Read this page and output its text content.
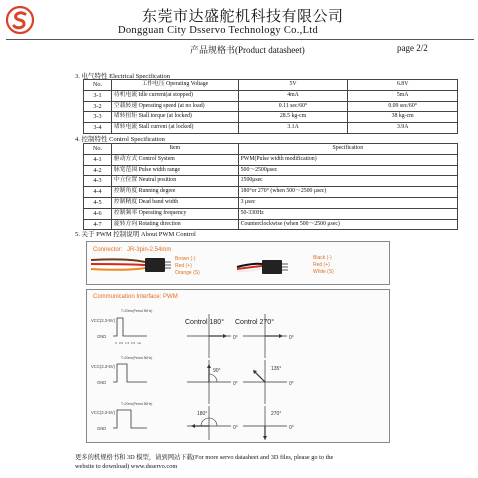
东莞市达盛舵机科技有限公司
Dongguan City Dsservo Technology Co.,Ltd
产品规格书(Product datasheet)	page 2/2
3. 电气特性 Electrical Specification
No.	工作电压 Operating Voltage	5V	6.8V
3-1	待机电流 Idle current(at stopped)	4mA	5mA
3-2	空载转速 Operating speed (at no load)	0.11 sec/60°	0.09 sec/60°
3-3	堵转扭矩 Stall torque (at locked)	28.5 kg-cm	38 kg-cm
3-4	堵转电流 Stall current (at locked)	3.1A	3.9A
4. 控制特性 Control Specification
No.	Item	Specification
4-1	驱动方式 Control System	PWM(Pulse width modification)
4-2	脉宽范围 Pulse width range	500～2500μsec
4-3	中立位置 Neutral position	1500μsec
4-4	控制角度 Running degree	180°or 270° (when 500～2500 μsec)
4-5	控制精度 Dead band width	3 μsec
4-6	控制频率 Operating frequency	50-330Hz
4-7	旋转方向 Rotating direction	Counterclockwise (when 500～2500 μsec)
5. 关于 PWM 控制说明 About PWM Control
Connector: JR-3pin-2.54mm
Brown (-)
Red (+)
Orange (S)
Black (-)
Red (+)
White (S)
Communication Interface: PWM
Control 180° Control 270°
VCC(3.3-5V)
GND
T=20ms(Period 50Hz)
0 0.5 1.5 2.5 ms
0°	0°
VCC(3.3-5V)
GND
T=20ms(Period 50Hz)
90°
0°
135°
0°
VCC(3.3-5V)
GND
T=20ms(Period 50Hz)
180°
0°
270°
0°
更多的机规格书和 3D 模型，请到网站下载(For more servo datasheet and 3D files, please go to the
website to download) www.dsservo.com
